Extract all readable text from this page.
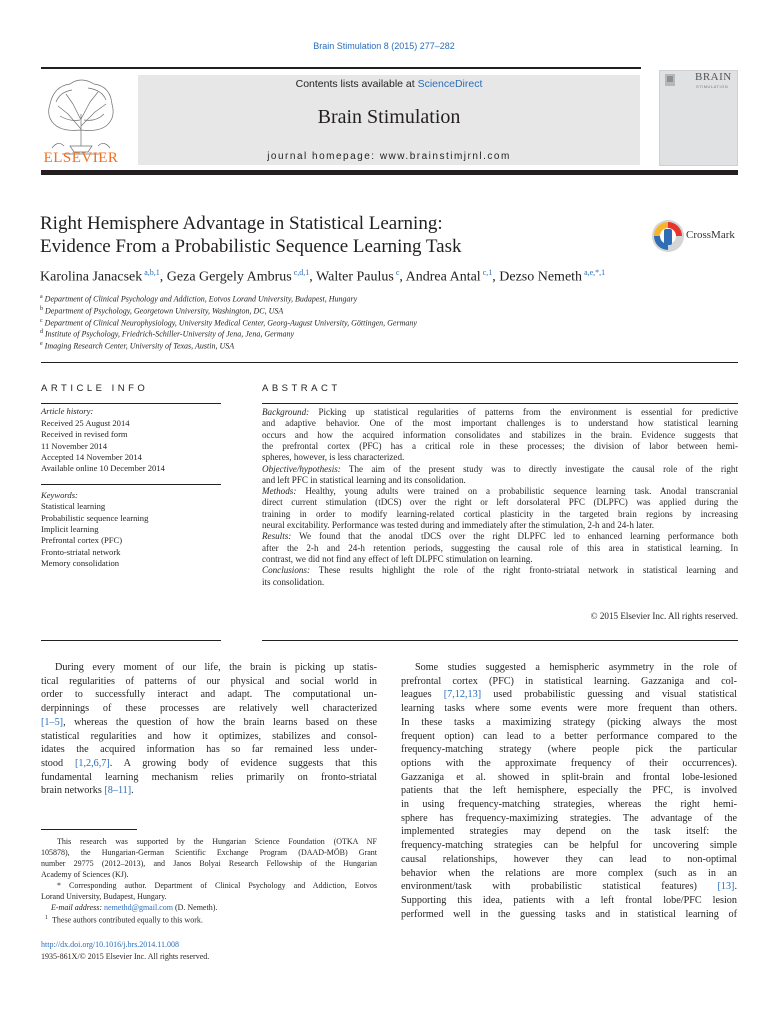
Brain Stimulation 8 (2015) 277–282
ELSEVIER
Contents lists available at ScienceDirect
Brain Stimulation
journal homepage: www.brainstimjrnl.com
BRAIN
STIMULATION
Right Hemisphere Advantage in Statistical Learning:
Evidence From a Probabilistic Sequence Learning Task
CrossMark
Karolina Janacsek $^{a,b,1}$, Geza Gergely Ambrus $^{c,d,1}$, Walter Paulus $^c$, Andrea Antal $^{c,1}$, Dezso Nemeth $^{a,e,*,1}$
$^a$ Department of Clinical Psychology and Addiction, Eotvos Lorand University, Budapest, Hungary
$^b$ Department of Psychology, Georgetown University, Washington, DC, USA
$^c$ Department of Clinical Neurophysiology, University Medical Center, Georg-August University, Göttingen, Germany
$^d$ Institute of Psychology, Friedrich-Schiller-University of Jena, Jena, Germany
$^e$ Imaging Research Center, University of Texas, Austin, USA
ARTICLE INFO
Article history:
Received 25 August 2014
Received in revised form
11 November 2014
Accepted 14 November 2014
Available online 10 December 2014
Keywords:
Statistical learning
Probabilistic sequence learning
Implicit learning
Prefrontal cortex (PFC)
Fronto-striatal network
Memory consolidation
ABSTRACT
Background: Picking up statistical regularities of patterns from the environment is essential for predictive
and adaptive behavior. One of the most important challenges is to understand how statistical learning
occurs and how the acquired information consolidates and stabilizes in the brain. Evidence suggests that
the prefrontal cortex (PFC) has a critical role in these processes; the division of labor between hemi-
spheres, however, is less characterized.
Objective/hypothesis: The aim of the present study was to directly investigate the causal role of the right
and left PFC in statistical learning and its consolidation.
Methods: Healthy, young adults were trained on a probabilistic sequence learning task. Anodal transcranial
direct current stimulation (tDCS) over the right or left dorsolateral PFC (DLPFC) was applied during the
training in order to modify learning-related cortical plasticity in the targeted brain regions by increasing
neural excitability. Performance was tested during and immediately after the stimulation, 2-h and 24-h later.
Results: We found that the anodal tDCS over the right DLPFC led to enhanced learning performance both
after the 2-h and 24-h retention periods, suggesting the causal role of this area in statistical learning. In
contrast, we did not find any effect of left DLPFC stimulation on learning.
Conclusions: These results highlight the role of the right fronto-striatal network in statistical learning and
its consolidation.
© 2015 Elsevier Inc. All rights reserved.
During every moment of our life, the brain is picking up statis-
tical regularities of patterns of our physical and social world in
order to successfully interact and adapt. The computational un-
derpinnings of these processes are relatively well characterized
[1–5], whereas the question of how the brain learns based on these
statistical regularities and how it optimizes, stabilizes and consol-
idates the acquired information has so far remained less under-
stood [1,2,6,7]. A growing body of evidence suggests that this
fundamental learning mechanism relies primarily on fronto-striatal
brain networks [8–11].
Some studies suggested a hemispheric asymmetry in the role of
prefrontal cortex (PFC) in statistical learning. Gazzaniga and col-
leagues [7,12,13] used probabilistic guessing and visual statistical
learning tasks where some events were more frequent than others.
In these tasks a maximizing strategy (picking always the most
frequent option) can lead to a better performance compared to the
frequency-matching strategy (where people pick the particular
options with the approximate frequency of their occurrences).
Gazzaniga et al. showed in split-brain and frontal lobe-lesioned
patients that the left hemisphere, especially the PFC, is involved
in using frequency-matching strategies, whereas the right hemi-
sphere has frequency-maximizing strategies. The advantage of the
implemented strategies may depend on the task itself: the
frequency-matching strategies can be helpful for uncovering simple
causal relationships, however they can lead to non-optimal
behavior when the relations are more complex (such as in an
environment/task with probabilistic statistical features) [13].
Supporting this idea, patients with a left frontal lobe/PFC lesion
performed well in the guessing tasks and in statistical learning of
This research was supported by the Hungarian Science Foundation (OTKA NF
105878), the Hungarian-German Scientific Exchange Program (DAAD-MÖB) Grant
number 29775 (2012–2013), and Janos Bolyai Research Fellowship of the Hungarian
Academy of Sciences (KJ).
* Corresponding author. Department of Clinical Psychology and Addiction, Eotvos
Lorand University, Budapest, Hungary.
E-mail address: nemethd@gmail.com (D. Nemeth).
$^1$ These authors contributed equally to this work.
http://dx.doi.org/10.1016/j.brs.2014.11.008
1935-861X/© 2015 Elsevier Inc. All rights reserved.
